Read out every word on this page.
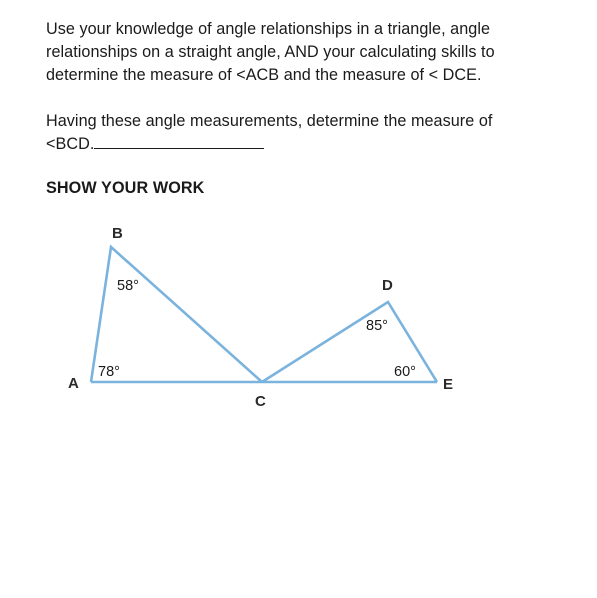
Use your knowledge of angle relationships in a triangle, angle
relationships on a straight angle, AND your calculating skills to
determine the measure of <ACB and the measure of < DCE.
Having these angle measurements, determine the measure of
<BCD.
SHOW YOUR WORK
B
A
C
D
E
58°
78°
85°
60°
